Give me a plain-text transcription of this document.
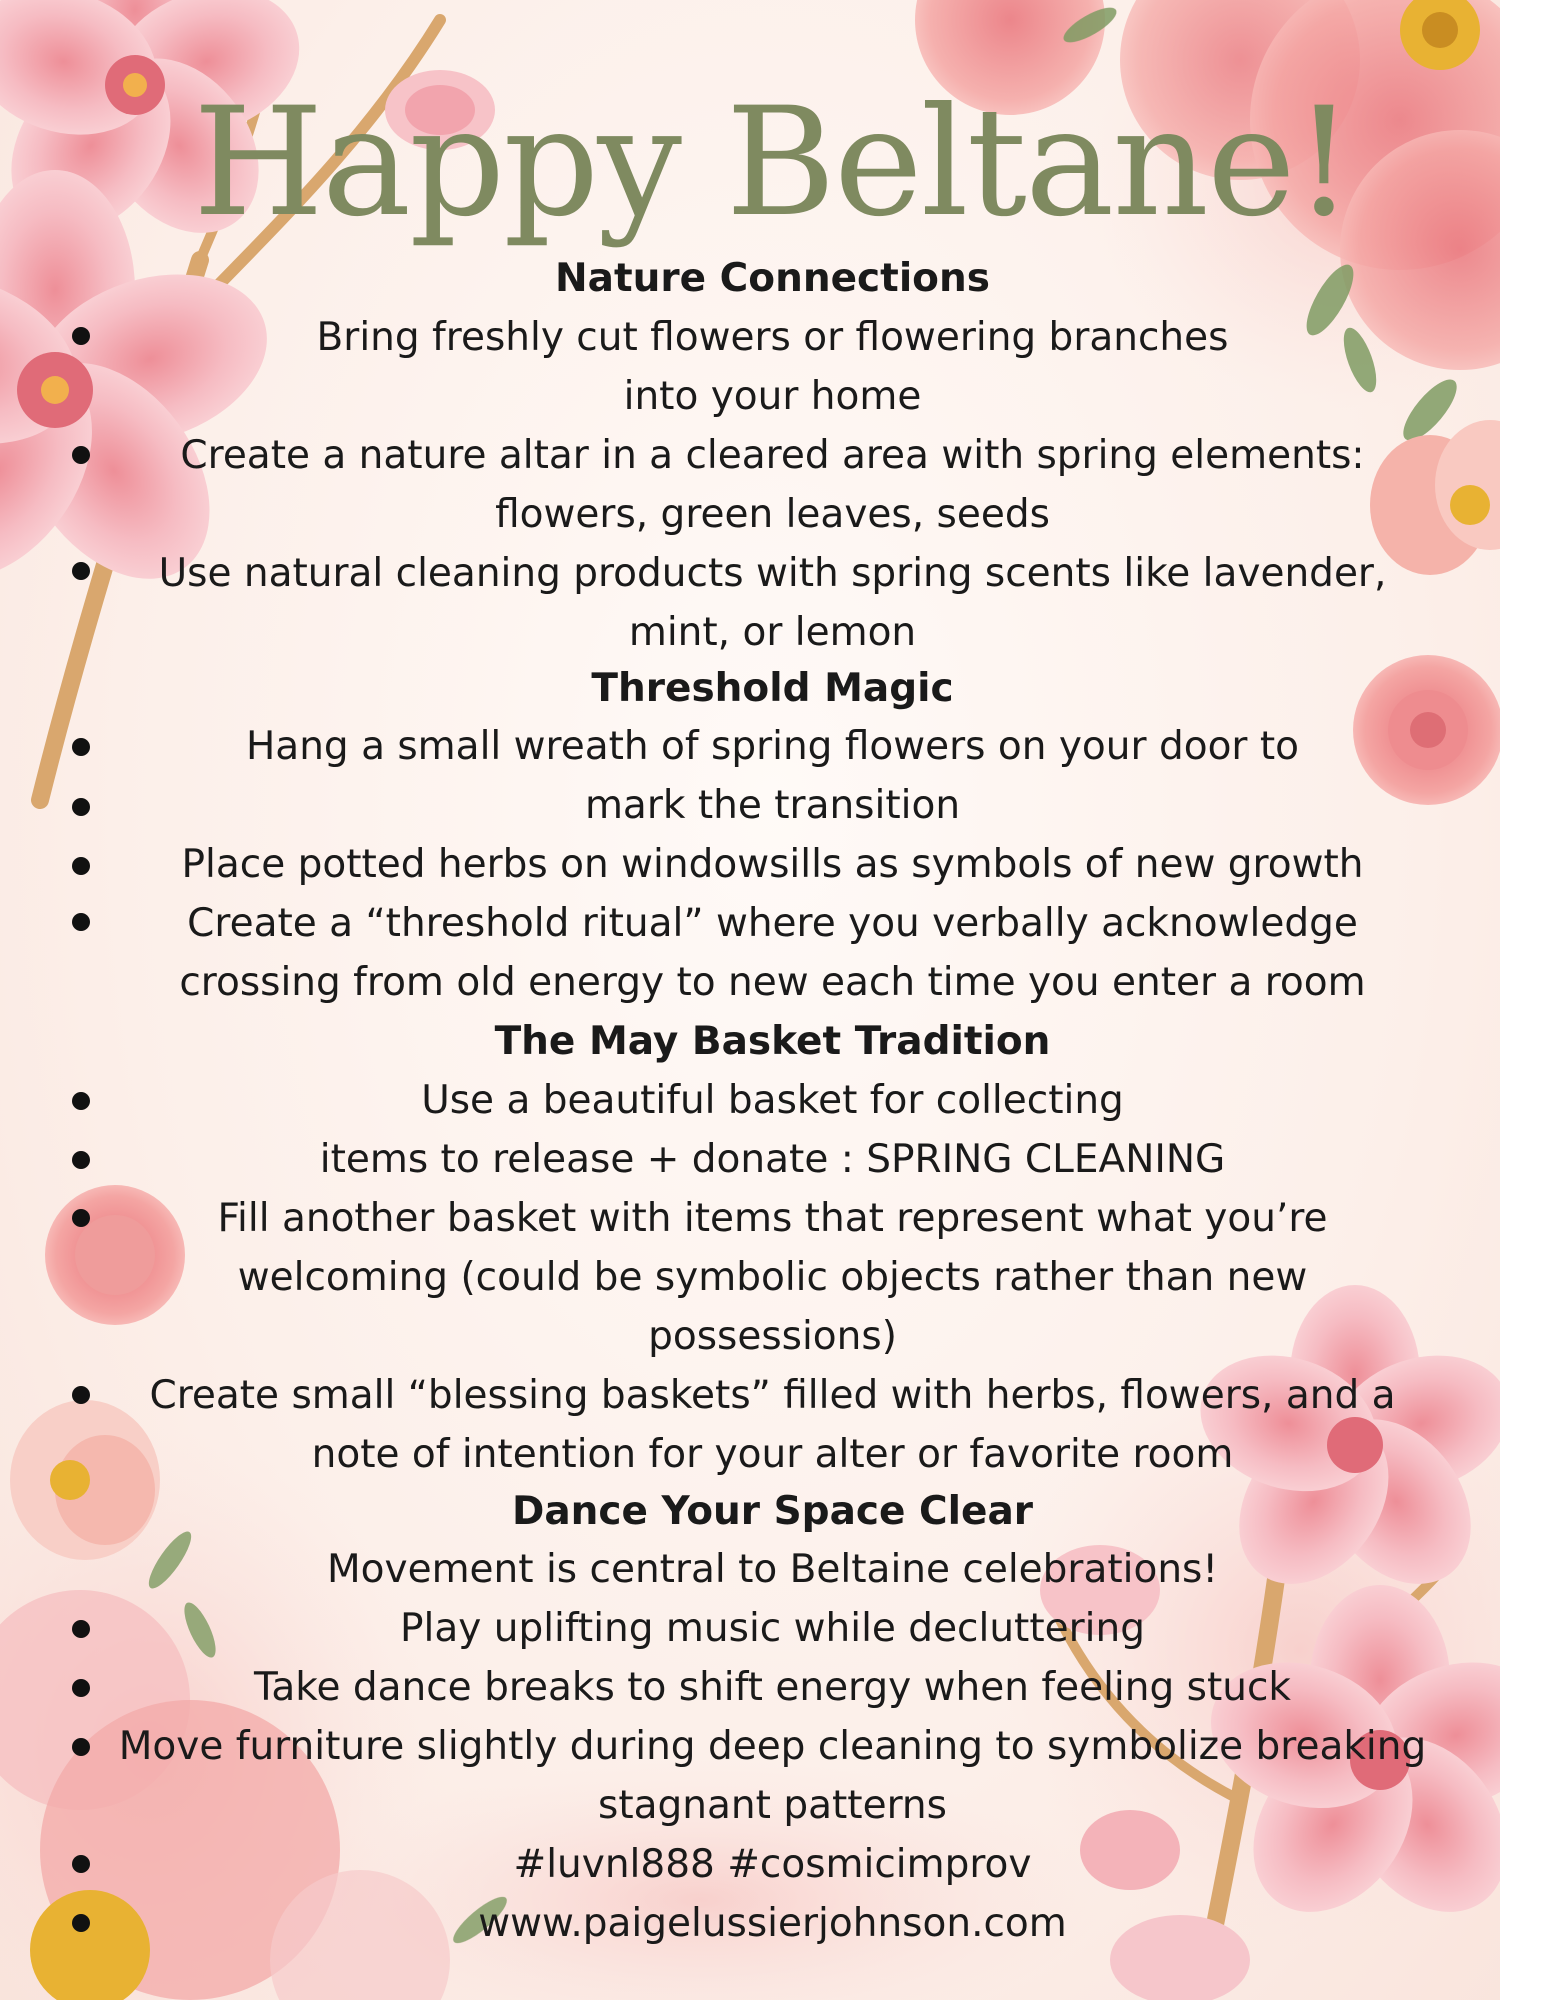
Happy Beltane!
Nature Connections
Bring freshly cut flowers or flowering branches
into your home
Create a nature altar in a cleared area with spring elements:
flowers, green leaves, seeds
Use natural cleaning products with spring scents like lavender,
mint, or lemon
Threshold Magic
Hang a small wreath of spring flowers on your door to
mark the transition
Place potted herbs on windowsills as symbols of new growth
Create a “threshold ritual” where you verbally acknowledge
crossing from old energy to new each time you enter a room
The May Basket Tradition
Use a beautiful basket for collecting
items to release + donate : SPRING CLEANING
Fill another basket with items that represent what you’re
welcoming (could be symbolic objects rather than new
possessions)
Create small “blessing baskets” filled with herbs, flowers, and a
note of intention for your alter or favorite room
Dance Your Space Clear
Movement is central to Beltaine celebrations!
Play uplifting music while decluttering
Take dance breaks to shift energy when feeling stuck
Move furniture slightly during deep cleaning to symbolize breaking
stagnant patterns
#luvnl888 #cosmicimprov
www.paigelussierjohnson.com
